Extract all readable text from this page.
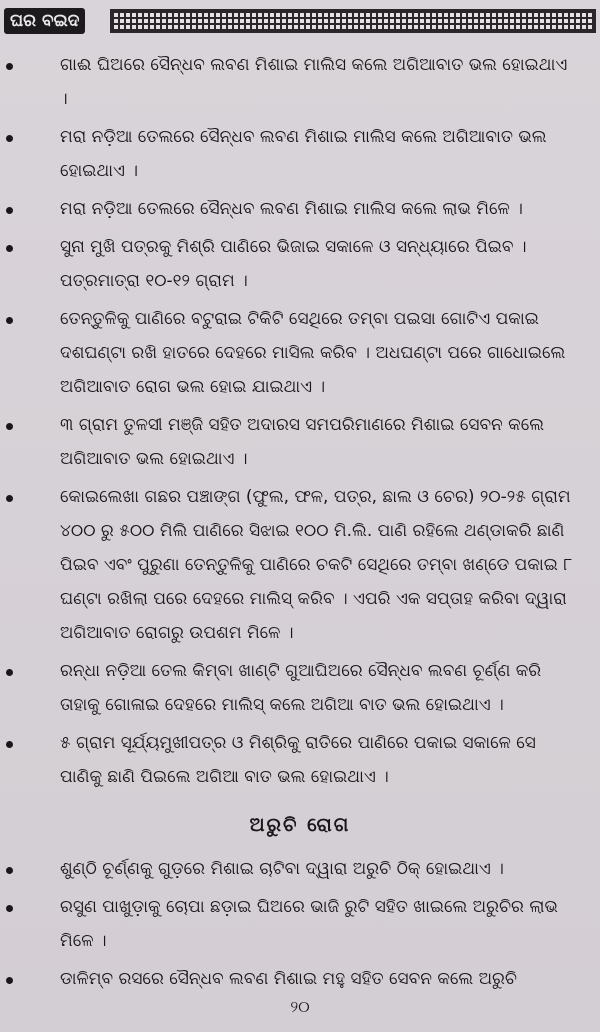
ଘର ବଇଦ
ଗାଈ ଘିଅରେ ସୈନ୍ଧବ ଲବଣ ମିଶାଇ ମାଲିସ କଲେ ଅଗିଆବାତ ଭଲ ହୋଇଥାଏ ।
ମରା ନଡ଼ିଆ ତେଲରେ ସୈନ୍ଧବ ଲବଣ ମିଶାଇ ମାଲିସ କଲେ ଅଗିଆବାତ ଭଲ ହୋଇଥାଏ ।
ମରା ନଡ଼ିଆ ତେଲରେ ସୈନ୍ଧବ ଲବଣ ମିଶାଇ ମାଲିସ କଲେ ଲାଭ ମିଳେ ।
ସୁନା ମୁଖି ପତ୍ରକୁ ମିଶ୍ରି ପାଣିରେ ଭିଜାଇ ସକାଳେ ଓ ସନ୍ଧ୍ୟାରେ ପିଇବ । ପତ୍ରମାତ୍ରା ୧୦-୧୨ ଗ୍ରାମ ।
ତେନ୍ତୁଳିକୁ ପାଣିରେ ବଟୁରାଇ ଟିକିଟି ସେଥିରେ ତମ୍ବା ପଇସା ଗୋଟିଏ ପକାଇ ଦଶଘଣ୍ଟା ରଖି ହାତରେ ଦେହରେ ମାସିଲ କରିବ । ଅଧଘଣ୍ଟା ପରେ ଗାଧୋଇଲେ ଅଗିଆବାତ ରୋଗ ଭଲ ହୋଇ ଯାଇଥାଏ ।
୩ ଗ୍ରାମ ତୁଳସୀ ମଞ୍ଜି ସହିତ ଅଦାରସ ସମପରିମାଣରେ ମିଶାଇ ସେବନ କଲେ ଅଗିଆବାତ ଭଲ ହୋଇଥାଏ ।
କୋଇଲେଖା ଗଛର ପଞ୍ଚାଙ୍ଗ (ଫୁଲ, ଫଳ, ପତ୍ର, ଛାଲ ଓ ଚେର) ୨୦-୨୫ ଗ୍ରାମ ୪୦୦ ରୁ ୫୦୦ ମିଲି ପାଣିରେ ସିଝାଇ ୧୦୦ ମି.ଲି. ପାଣି ରହିଲେ ଥଣ୍ଡାକରି ଛାଣି ପିଇବ ଏବଂ ପୁରୁଣା ତେନ୍ତୁଳିକୁ ପାଣିରେ ଚକଟି ସେଥିରେ ତମ୍ବା ଖଣ୍ଡେ ପକାଇ ୮ ଘଣ୍ଟା ରଖିଲା ପରେ ଦେହରେ ମାଲିସ୍ କରିବ । ଏପରି ଏକ ସପ୍ତାହ କରିବା ଦ୍ୱାରା ଅଗିଆବାତ ରୋଗରୁ ଉପଶମ ମିଳେ ।
ରନ୍ଧା ନଡ଼ିଆ ତେଲ କିମ୍ବା ଖାଣ୍ଟି ଗୁଆଘିଅରେ ସୈନ୍ଧବ ଲବଣ ଚୂର୍ଣ୍ଣ କରି ତାହାକୁ ଗୋଳାଇ ଦେହରେ ମାଲିସ୍ କଲେ ଅଗିଆ ବାତ ଭଲ ହୋଇଥାଏ ।
୫ ଗ୍ରାମ ସୂର୍ଯ୍ୟମୁଖୀପତ୍ର ଓ ମିଶ୍ରିକୁ ରାତିରେ ପାଣିରେ ପକାଇ ସକାଳେ ସେ ପାଣିକୁ ଛାଣି ପିଇଲେ ଅଗିଆ ବାତ ଭଲ ହୋଇଥାଏ ।
ଅରୁଚି ରୋଗ
ଶୁଣ୍ଠି ଚୂର୍ଣ୍ଣକୁ ଗୁଡ଼ରେ ମିଶାଇ ଚାଟିବା ଦ୍ୱାରା ଅରୁଚି ଠିକ୍ ହୋଇଥାଏ ।
ରସୁଣ ପାଖୁଡ଼ାକୁ ଚୋପା ଛଡ଼ାଇ ଘିଅରେ ଭାଜି ରୁଟି ସହିତ ଖାଇଲେ ଅରୁଚିର ଲାଭ ମିଳେ ।
ଡାଳିମ୍ବ ରସରେ ସୈନ୍ଧବ ଲବଣ ମିଶାଇ ମହୁ ସହିତ ସେବନ କଲେ ଅରୁଚି
୨୦
